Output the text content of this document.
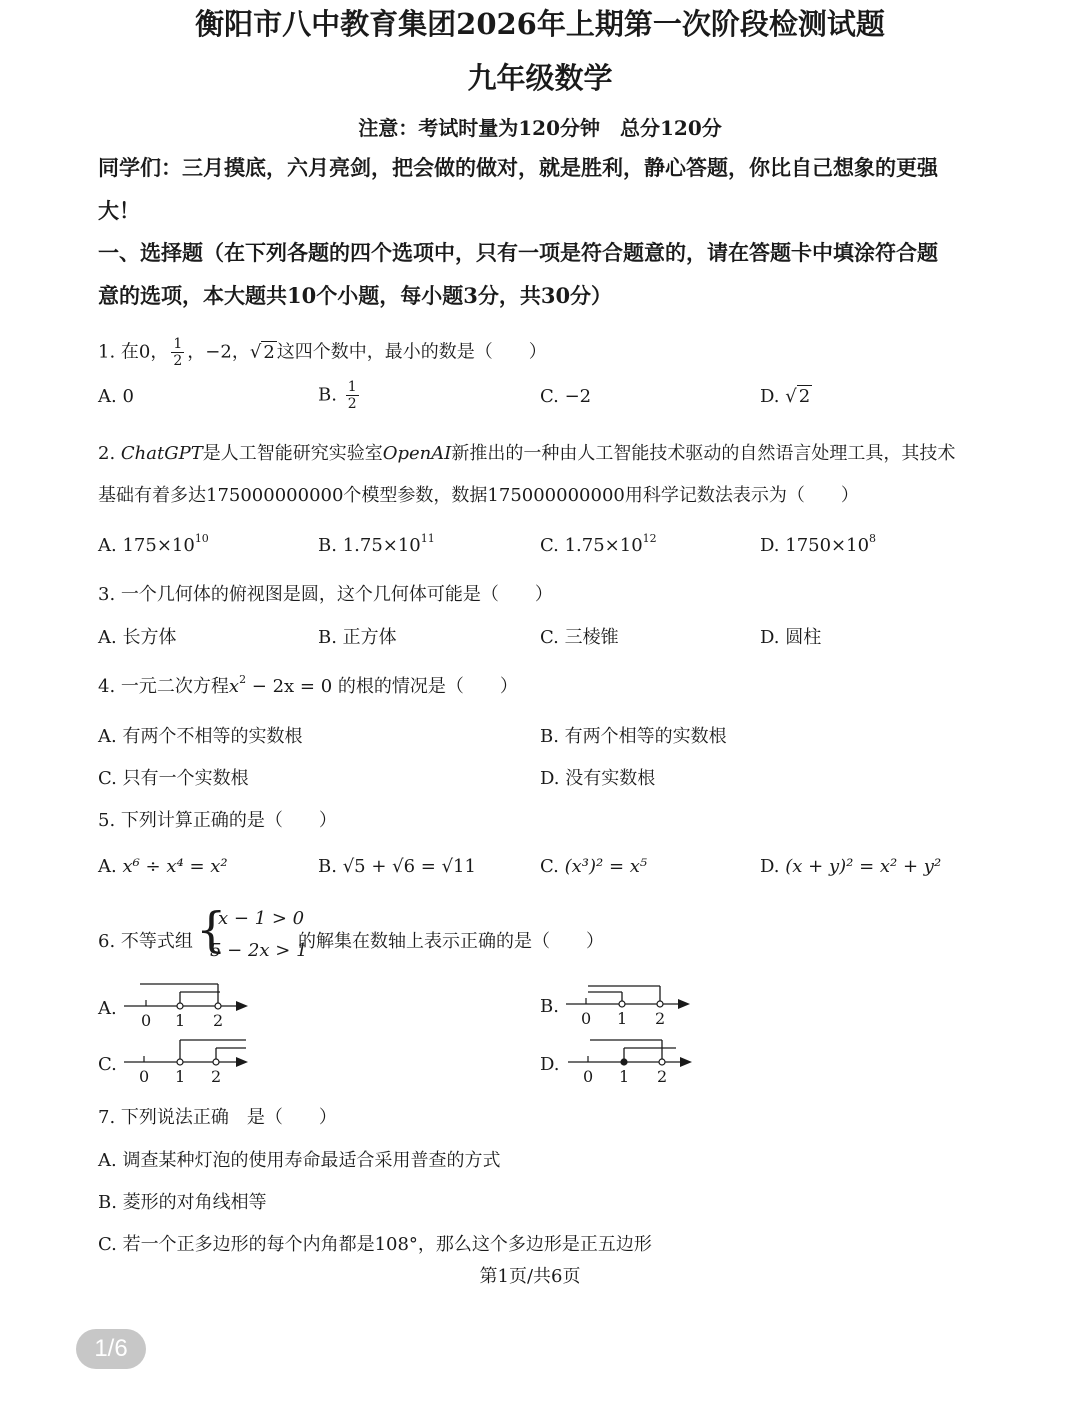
衡阳市八中教育集团2026年上期第一次阶段检测试题
九年级数学
注意：考试时量为120分钟　总分120分
同学们：三月摸底，六月亮剑，把会做的做对，就是胜利，静心答题，你比自己想象的更强
大！
一、选择题（在下列各题的四个选项中，只有一项是符合题意的，请在答题卡中填涂符合题
意的选项，本大题共10个小题，每小题3分，共30分）
1. 在0， $\frac{1}{2}$ ，−2，√ 2 这四个数中，最小的数是（　　）
A. 0	B. $\frac{1}{2}$	C. −2	D. √ 2
2. ChatGPT是人工智能研究实验室OpenAI新推出的一种由人工智能技术驱动的自然语言处理工具，其技术
基础有着多达175000000000个模型参数，数据175000000000用科学记数法表示为（　　）
A. $175\times 10^{10}$	B. $1.75\times 10^{11}$	C. $1.75\times 10^{12}$	D. $1750\times 10^8$
3. 一个几何体的俯视图是圆，这个几何体可能是（　　）
A. 长方体	B. 正方体	C. 三棱锥	D. 圆柱
4. 一元二次方程$x^2 - 2x = 0$ 的根的情况是（　　）
A. 有两个不相等的实数根	B. 有两个相等的实数根
C. 只有一个实数根	D. 没有实数根
5. 下列计算正确的是（　　）
A. x⁶ ÷ x⁴ = x²	B. √5 + √6 = √11	C. (x³)² = x⁵	D. (x + y)² = x² + y²
6. 不等式组 {
x − 1 > 0
5 − 2x > 1
的解集在数轴上表示正确的是（　　）
A.	B.
C.	D.
0 1 2	0 1 2
0 1 2	0 1 2
7. 下列说法正确　是（　　）
A. 调查某种灯泡的使用寿命最适合采用普查的方式
B. 菱形的对角线相等
C. 若一个正多边形的每个内角都是108°，那么这个多边形是正五边形
第1页/共6页
1/6
